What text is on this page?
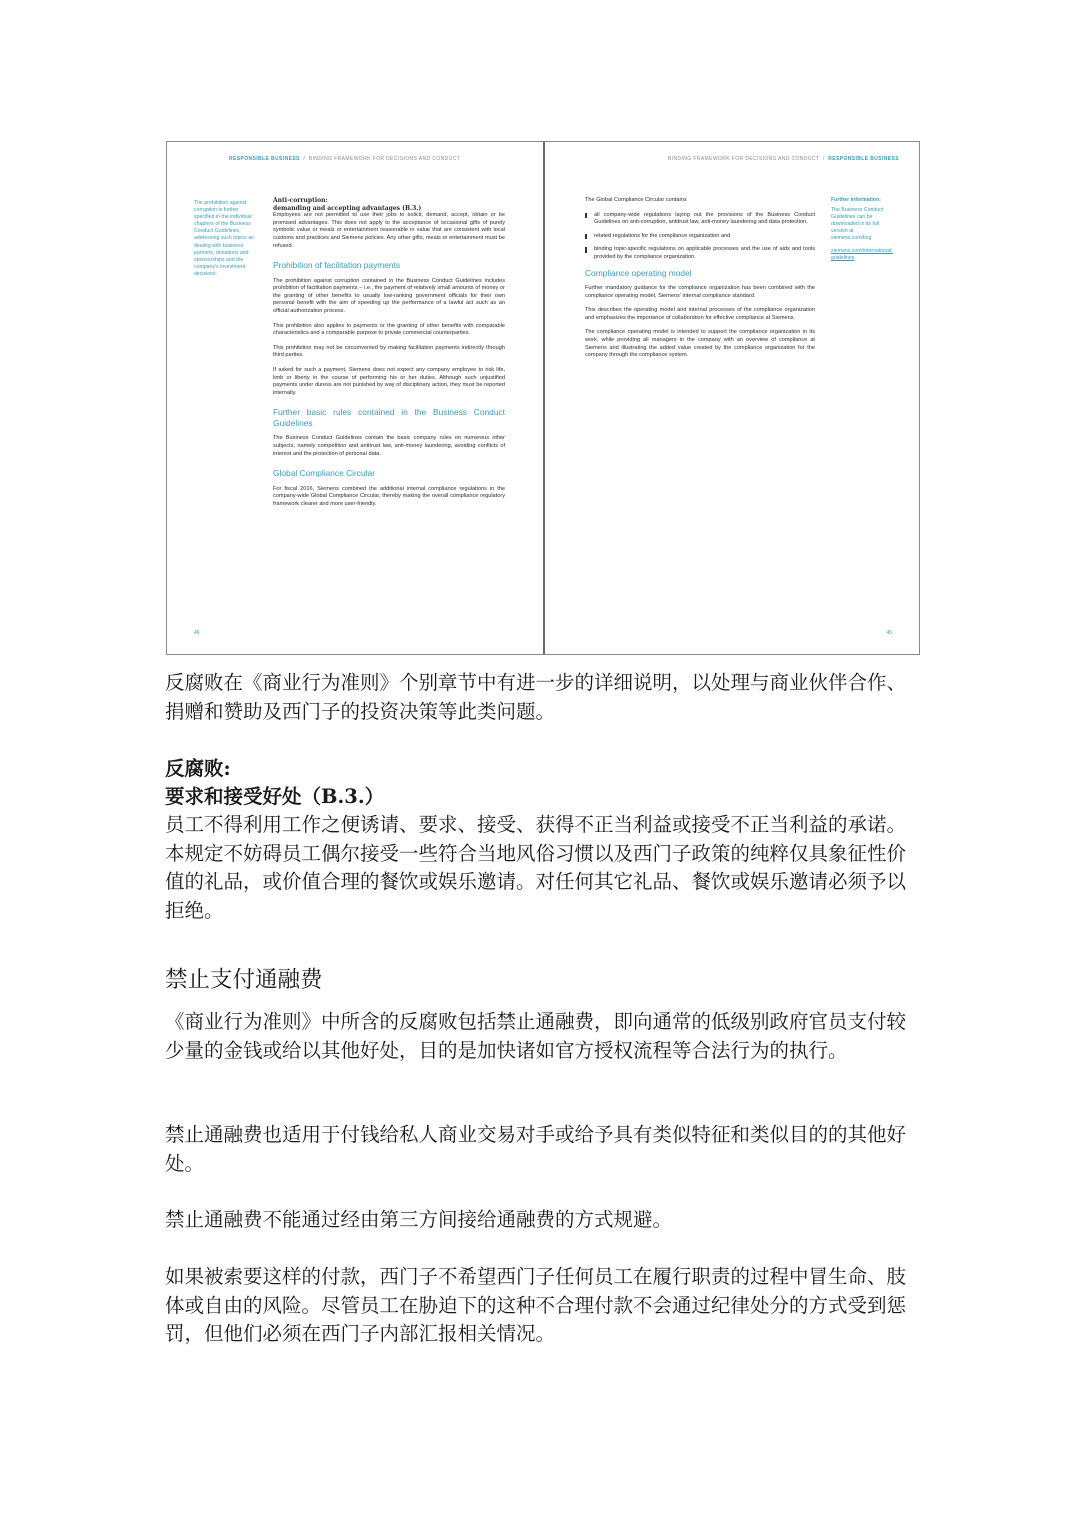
RESPONSIBLE BUSINESS  /  BINDING FRAMEWORK FOR DECISIONS AND CONDUCT
The prohibition against corruption is further specified in the individual chapters of the Business Conduct Guidelines, addressing such topics as dealing with business partners, donations and sponsorships and the company's investment decisions.
Anti-corruption:
demanding and accepting advantages (B.3.)

Employees are not permitted to use their jobs to solicit, demand, accept, obtain or be promised advantages. This does not apply to the acceptance of occasional gifts of purely symbolic value or meals or entertainment reasonable in value that are consistent with local customs and practices and Siemens policies. Any other gifts, meals or entertainment must be refused.

Prohibition of facilitation payments

The prohibition against corruption contained in the Business Conduct Guidelines includes prohibition of facilitation payments – i.e., the payment of relatively small amounts of money or the granting of other benefits to usually low-ranking government officials for their own personal benefit with the aim of speeding up the performance of a lawful act such as an official authorization process.

This prohibition also applies to payments or the granting of other benefits with comparable characteristics and a comparable purpose to private commercial counterparties.

This prohibition may not be circumvented by making facilitation payments indirectly through third parties.

If asked for such a payment, Siemens does not expect any company employee to risk life, limb or liberty in the course of performing his or her duties. Although such unjustified payments under duress are not punished by way of disciplinary action, they must be reported internally.

Further basic rules contained in the Business Conduct Guidelines

The Business Conduct Guidelines contain the basic company rules on numerous other subjects, namely competition and antitrust law, anti-money laundering, avoiding conflicts of interest and the protection of personal data.

Global Compliance Circular

For fiscal 2016, Siemens combined the additional internal compliance regulations in the company-wide Global Compliance Circular, thereby making the overall compliance regulatory framework clearer and more user-friendly.

46
BINDING FRAMEWORK FOR DECISIONS AND CONDUCT  /  RESPONSIBLE BUSINESS

The Global Compliance Circular contains

all company-wide regulations laying out the provisions of the Business Conduct Guidelines on anti-corruption, antitrust law, anti-money laundering and data protection,
related regulations for the compliance organization and
binding topic-specific regulations on applicable processes and the use of aids and tools provided by the compliance organization.
Compliance operating model

Further mandatory guidance for the compliance organization has been combined with the compliance operating model, Siemens' internal compliance standard.

This describes the operating model and internal processes of the compliance organization and emphasizes the importance of collaboration for effective compliance at Siemens.

The compliance operating model is intended to support the compliance organization in its work, while providing all managers in the company with an overview of compliance at Siemens and illustrating the added value created by the compliance organization for the company through the compliance system.

Further information:
The Business Conduct Guidelines can be downloaded in its full version at siemens.com/bcg
siemens.com/international-guidelines
45

反腐败在《商业行为准则》个别章节中有进一步的详细说明，以处理与商业伙伴合作、捐赠和赞助及西门子的投资决策等此类问题。

反腐败:
要求和接受好处（B.3.）

员工不得利用工作之便诱请、要求、接受、获得不正当利益或接受不正当利益的承诺。本规定不妨碍员工偶尔接受一些符合当地风俗习惯以及西门子政策的纯粹仅具象征性价值的礼品，或价值合理的餐饮或娱乐邀请。对任何其它礼品、餐饮或娱乐邀请必须予以拒绝。

禁止支付通融费

《商业行为准则》中所含的反腐败包括禁止通融费，即向通常的低级别政府官员支付较少量的金钱或给以其他好处，目的是加快诸如官方授权流程等合法行为的执行。

禁止通融费也适用于付钱给私人商业交易对手或给予具有类似特征和类似目的的其他好处。

禁止通融费不能通过经由第三方间接给通融费的方式规避。

如果被索要这样的付款，西门子不希望西门子任何员工在履行职责的过程中冒生命、肢体或自由的风险。尽管员工在胁迫下的这种不合理付款不会通过纪律处分的方式受到惩罚，但他们必须在西门子内部汇报相关情况。
